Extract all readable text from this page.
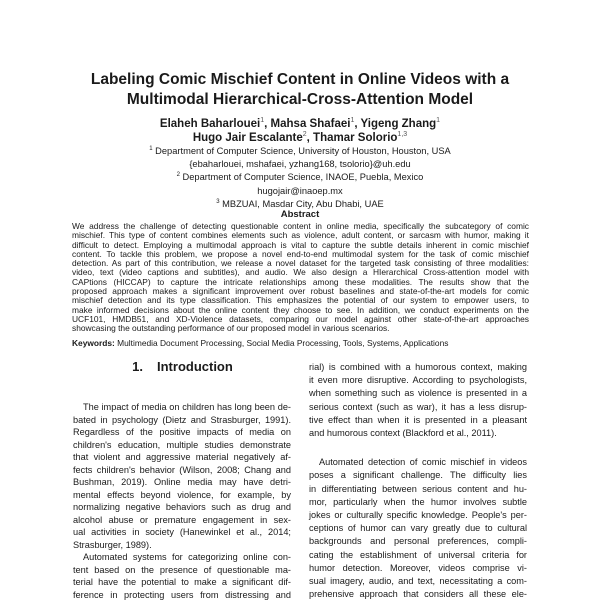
Labeling Comic Mischief Content in Online Videos with a
Multimodal Hierarchical-Cross-Attention Model
Elaheh Baharlouei$^1$, Mahsa Shafaei$^1$, Yigeng Zhang$^1$
Hugo Jair Escalante$^2$, Thamar Solorio$^{1,3}$
$^1$ Department of Computer Science, University of Houston, Houston, USA
{ebaharlouei, mshafaei, yzhang168, tsolorio}@uh.edu
$^2$ Department of Computer Science, INAOE, Puebla, Mexico
hugojair@inaoep.mx
$^3$ MBZUAI, Masdar City, Abu Dhabi, UAE
Abstract
We address the challenge of detecting questionable content in online media, specifically the subcategory of comic
mischief. This type of content combines elements such as violence, adult content, or sarcasm with humor, making it
difficult to detect. Employing a multimodal approach is vital to capture the subtle details inherent in comic mischief
content. To tackle this problem, we propose a novel end-to-end multimodal system for the task of comic mischief
detection. As part of this contribution, we release a novel dataset for the targeted task consisting of three modalities:
video, text (video captions and subtitles), and audio. We also design a HIerarchical Cross-attention model with
CAPtions (HICCAP) to capture the intricate relationships among these modalities. The results show that the
proposed approach makes a significant improvement over robust baselines and state-of-the-art models for comic
mischief detection and its type classification. This emphasizes the potential of our system to empower users, to
make informed decisions about the online content they choose to see. In addition, we conduct experiments on the
UCF101, HMDB51, and XD-Violence datasets, comparing our model against other state-of-the-art approaches
showcasing the outstanding performance of our proposed model in various scenarios.
Keywords: Multimedia Document Processing, Social Media Processing, Tools, Systems, Applications
1. Introduction
The impact of media on children has long been de-
bated in psychology (Dietz and Strasburger, 1991).
Regardless of the positive impacts of media on
children's education, multiple studies demonstrate
that violent and aggressive material negatively af-
fects children's behavior (Wilson, 2008; Chang and
Bushman, 2019). Online media may have detri-
mental effects beyond violence, for example, by
normalizing negative behaviors such as drug and
alcohol abuse or premature engagement in sex-
ual activities in society (Hanewinkel et al., 2014;
Strasburger, 1989).
Automated systems for categorizing online con-
tent based on the presence of questionable ma-
terial have the potential to make a significant dif-
ference in protecting users from distressing and
rial) is combined with a humorous context, making
it even more disruptive. According to psychologists,
when something such as violence is presented in a
serious context (such as war), it has a less disrup-
tive effect than when it is presented in a pleasant
and humorous context (Blackford et al., 2011).
Automated detection of comic mischief in videos
poses a significant challenge. The difficulty lies
in differentiating between serious content and hu-
mor, particularly when the humor involves subtle
jokes or culturally specific knowledge. People's per-
ceptions of humor can vary greatly due to cultural
backgrounds and personal preferences, compli-
cating the establishment of universal criteria for
humor detection. Moreover, videos comprise vi-
sual imagery, audio, and text, necessitating a com-
prehensive approach that considers all these ele-
